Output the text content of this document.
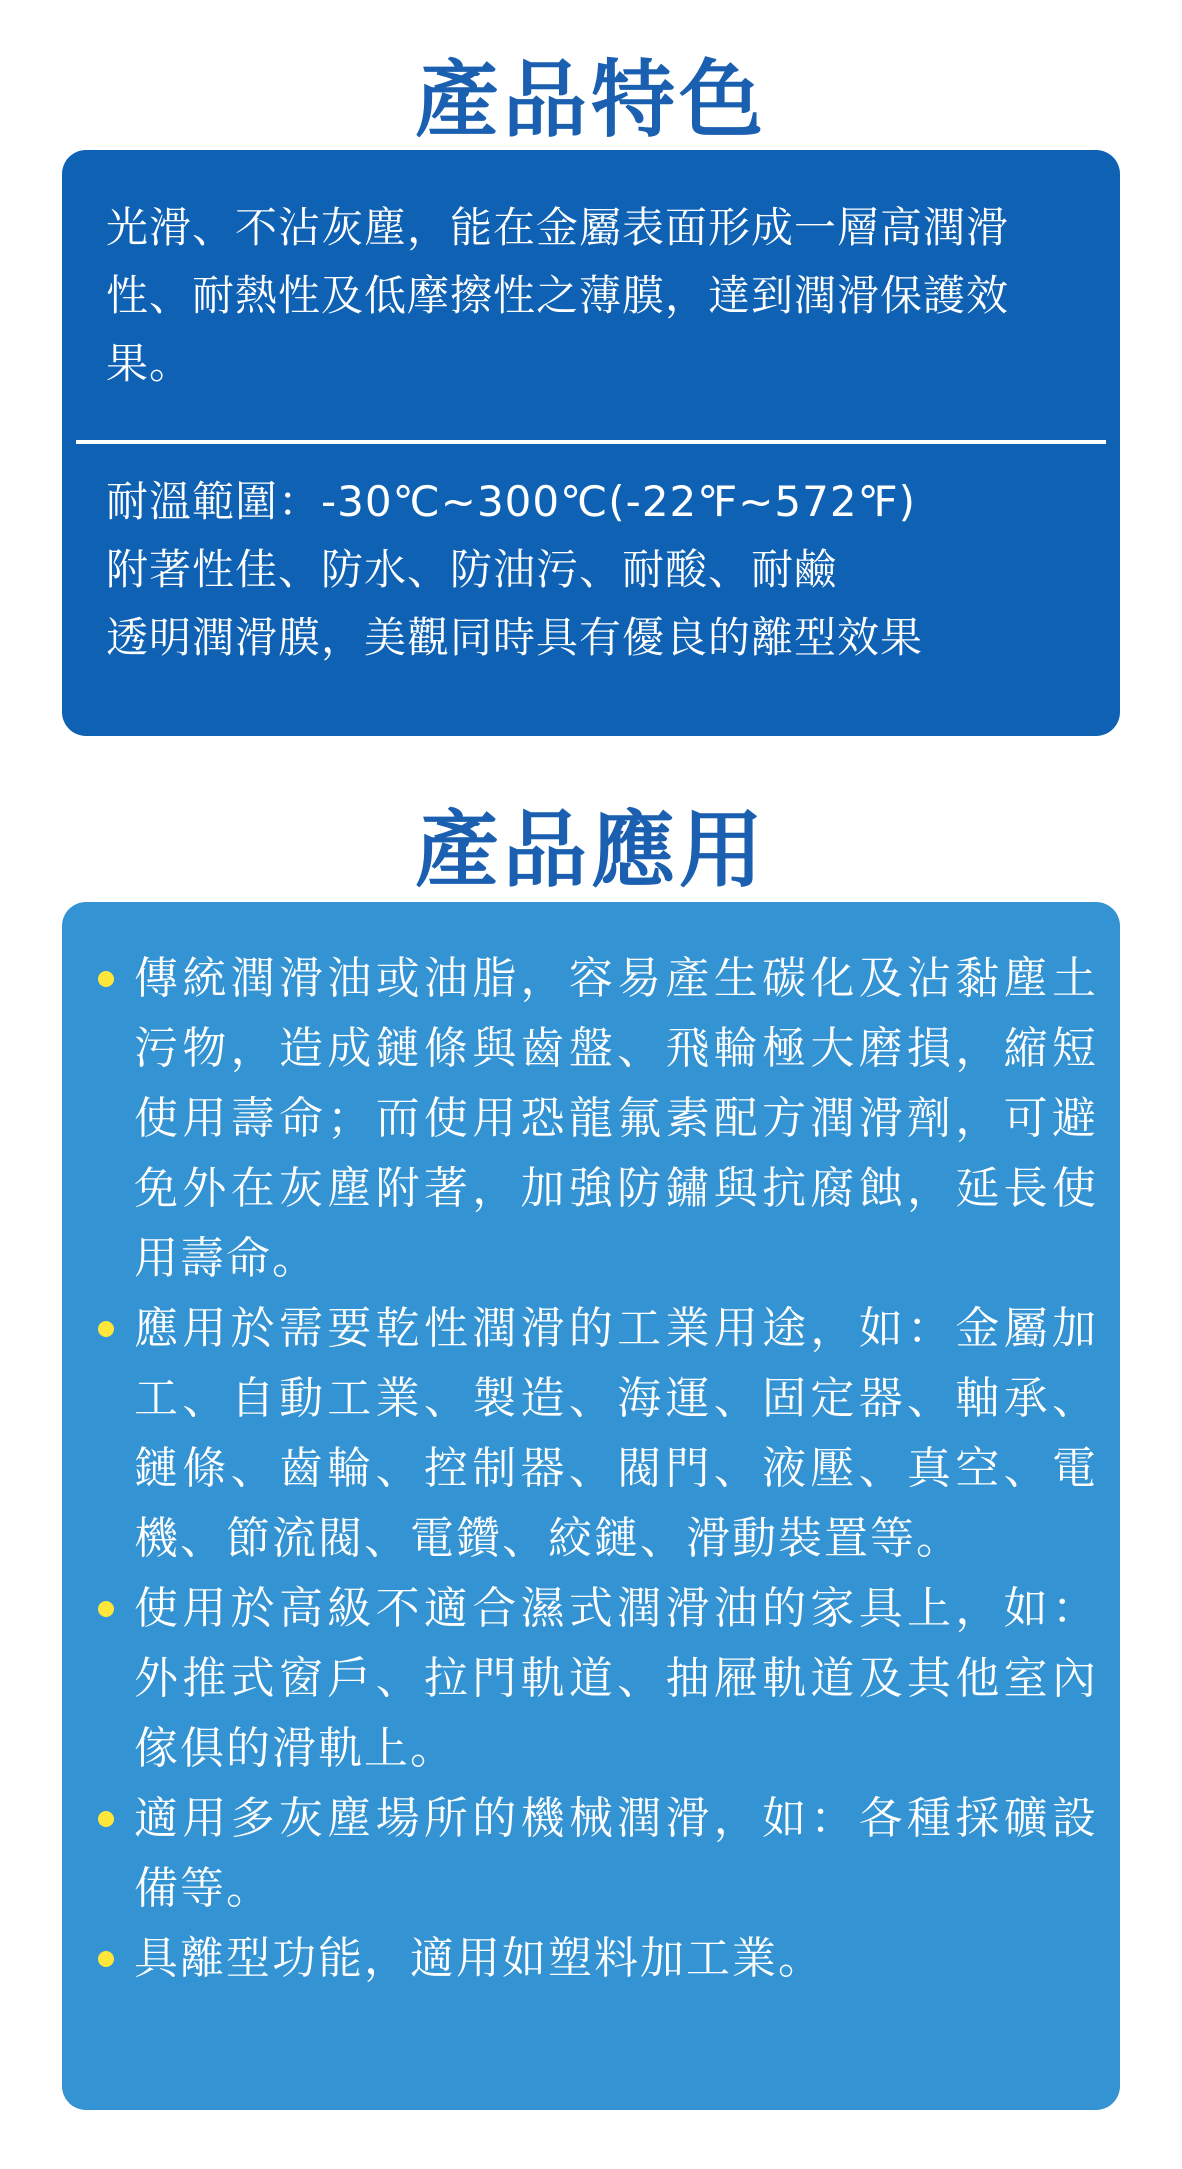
產品特色
光滑、不沾灰塵，能在金屬表面形成一層高潤滑性、耐熱性及低摩擦性之薄膜，達到潤滑保護效果。
耐溫範圍：-30℃~300℃(-22℉~572℉)
附著性佳、防水、防油污、耐酸、耐鹼
透明潤滑膜，美觀同時具有優良的離型效果
產品應用
傳統潤滑油或油脂，容易產生碳化及沾黏塵土污物，造成鏈條與齒盤、飛輪極大磨損，縮短使用壽命；而使用恐龍氟素配方潤滑劑，可避免外在灰塵附著，加強防鏽與抗腐蝕，延長使用壽命。
應用於需要乾性潤滑的工業用途，如：金屬加工、自動工業、製造、海運、固定器、軸承、鏈條、齒輪、控制器、閥門、液壓、真空、電機、節流閥、電鑽、絞鏈、滑動裝置等。
使用於高級不適合濕式潤滑油的家具上，如：外推式窗戶、拉門軌道、抽屜軌道及其他室內傢俱的滑軌上。
適用多灰塵場所的機械潤滑，如：各種採礦設備等。
具離型功能，適用如塑料加工業。
